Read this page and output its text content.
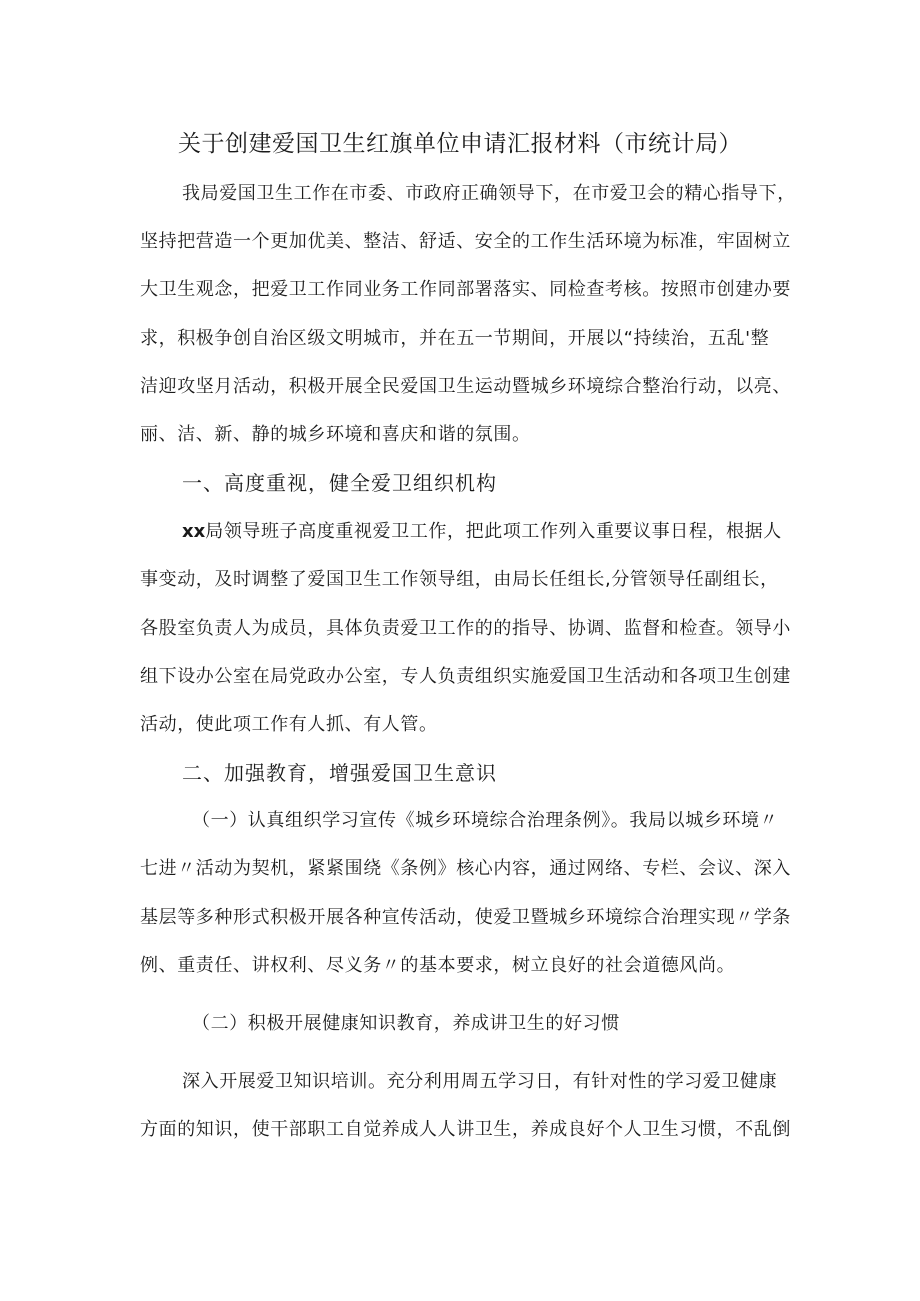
关于创建爱国卫生红旗单位申请汇报材料（市统计局）
我局爱国卫生工作在市委、市政府正确领导下，在市爱卫会的精心指导下，
坚持把营造一个更加优美、整洁、舒适、安全的工作生活环境为标准，牢固树立
大卫生观念，把爱卫工作同业务工作同部署落实、同检查考核。按照市创建办要
求，积极争创自治区级文明城市，并在五一节期间，开展以“持续治，五乱'整
洁迎攻坚月活动，积极开展全民爱国卫生运动暨城乡环境综合整治行动，以亮、
丽、洁、新、静的城乡环境和喜庆和谐的氛围。
一、高度重视，健全爱卫组织机构
xx局领导班子高度重视爱卫工作，把此项工作列入重要议事日程，根据人
事变动，及时调整了爱国卫生工作领导组，由局长任组长,分管领导任副组长，
各股室负责人为成员，具体负责爱卫工作的的指导、协调、监督和检查。领导小
组下设办公室在局党政办公室，专人负责组织实施爱国卫生活动和各项卫生创建
活动，使此项工作有人抓、有人管。
二、加强教育，增强爱国卫生意识
（一）认真组织学习宣传《城乡环境综合治理条例》。我局以城乡环境〃
七进〃活动为契机，紧紧围绕《条例》核心内容，通过网络、专栏、会议、深入
基层等多种形式积极开展各种宣传活动，使爱卫暨城乡环境综合治理实现〃学条
例、重责任、讲权利、尽义务〃的基本要求，树立良好的社会道德风尚。
（二）积极开展健康知识教育，养成讲卫生的好习惯
深入开展爱卫知识培训。充分利用周五学习日，有针对性的学习爱卫健康
方面的知识，使干部职工自觉养成人人讲卫生，养成良好个人卫生习惯，不乱倒
